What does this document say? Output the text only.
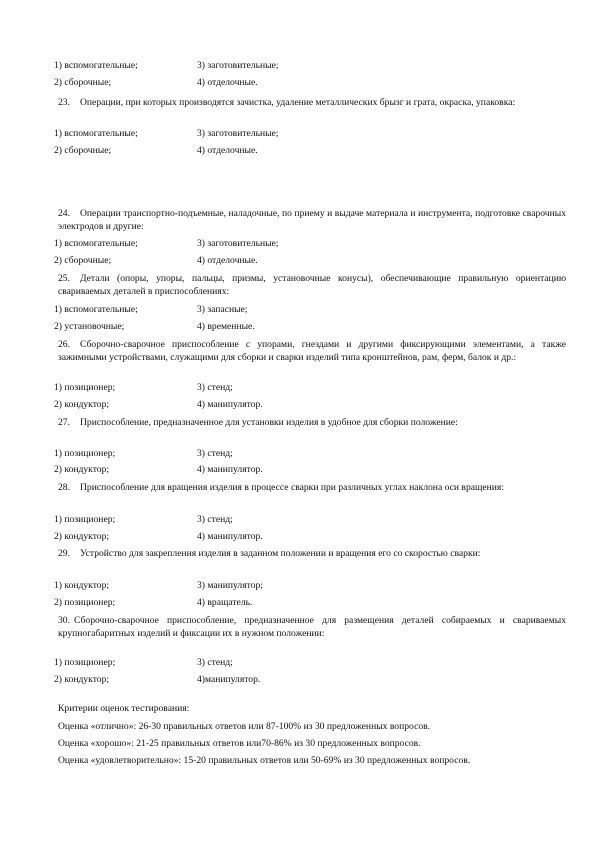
1) вспомогательные;	3) заготовительные;
2) сборочные;	4) отделочные.
23. Операции, при которых производятся зачистка, удаление металлических брызг и грата, окраска, упаковка:
1) вспомогательные;	3) заготовительные;
2) сборочные;	4) отделочные.
24. Операции транспортно-подъемные, наладочные, по приему и выдаче материала и инструмента, подготовке сварочных электродов и другие:
1) вспомогательные;	3) заготовительные;
2) сборочные;	4) отделочные.
25. Детали (опоры, упоры, пальцы, призмы, установочные конусы), обеспечивающие правильную ориентацию свариваемых деталей в приспособлениях:
1) вспомогательные;	3) запасные;
2) установочные;	4) временные.
26. Сборочно-сварочное приспособление с упорами, гнездами и другими фиксирующими элементами, а также зажимными устройствами, служащими для сборки и сварки изделий типа кронштейнов, рам, ферм, балок и др.:
1) позиционер;	3) стенд;
2) кондуктор;	4) манипулятор.
27. Приспособление, предназначенное для установки изделия в удобное для сборки положение:
1) позиционер;	3) стенд;
2) кондуктор;	4) манипулятор.
28. Приспособление для вращения изделия в процессе сварки при различных углах наклона оси вращения:
1) позиционер;	3) стенд;
2) кондуктор;	4) манипулятор.
29. Устройство для закрепления изделия в заданном положении и вращения его со скоростью сварки:
1) кондуктор;	3) манипулятор;
2) позиционер;	4) вращатель.
30. Сборочно-сварочное приспособление, предназначенное для размещения деталей собираемых и свариваемых крупногабаритных изделий и фиксации их в нужном положении:
1) позиционер;	3) стенд;
2) кондуктор;	4)манипулятор.
Критерии оценок тестирования:
Оценка «отлично»: 26-30 правильных ответов или 87-100% из 30 предложенных вопросов.
Оценка «хорошо»: 21-25 правильных ответов или70-86% из 30 предложенных вопросов.
Оценка «удовлетворительно»: 15-20 правильных ответов или 50-69% из 30 предложенных вопросов.
